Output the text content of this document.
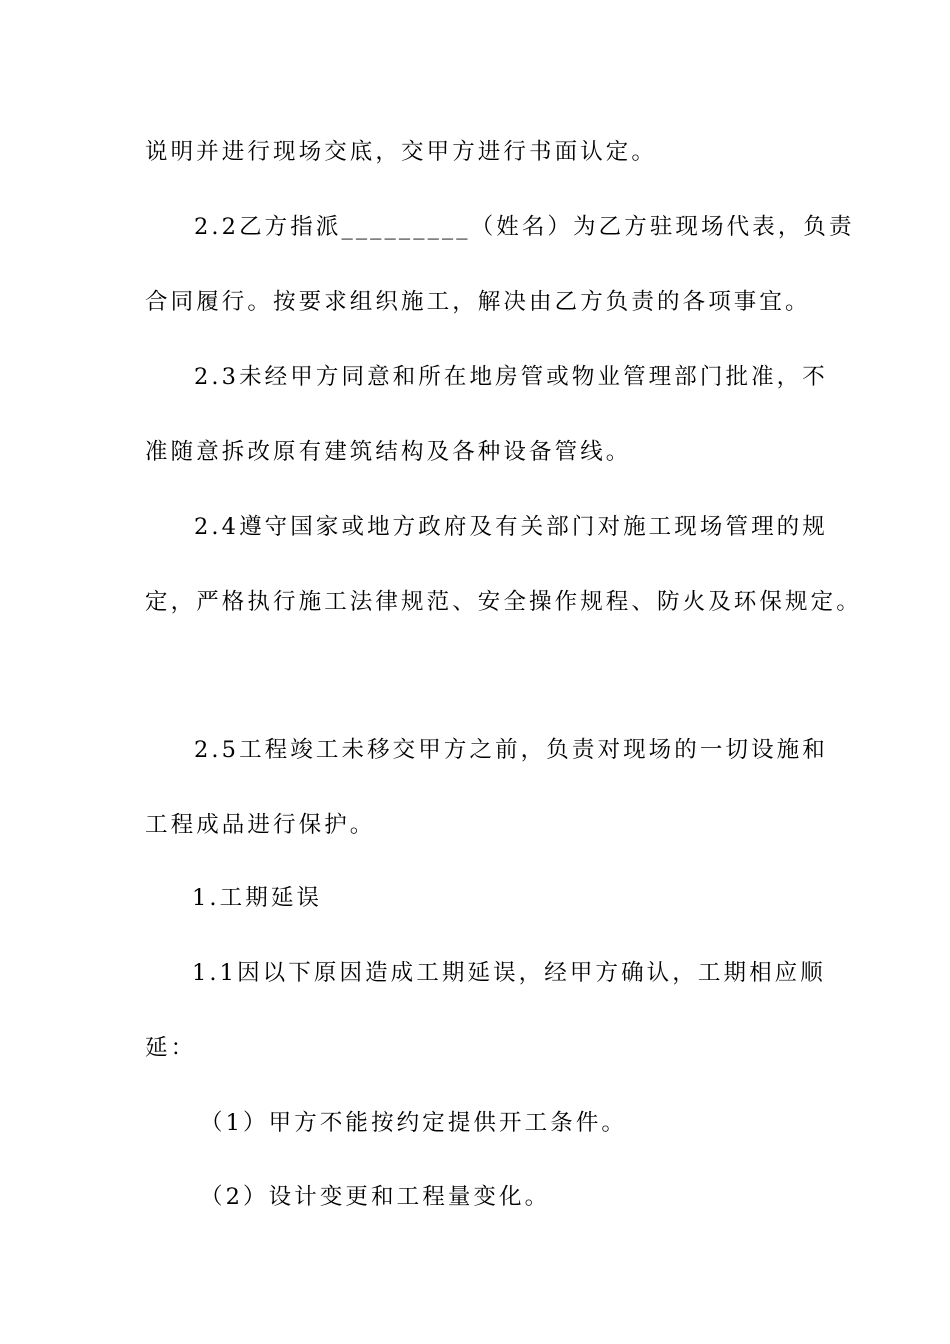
说明并进行现场交底，交甲方进行书面认定。
2.2乙方指派_________（姓名）为乙方驻现场代表，负责
合同履行。按要求组织施工，解决由乙方负责的各项事宜。
2.3未经甲方同意和所在地房管或物业管理部门批准，不
准随意拆改原有建筑结构及各种设备管线。
2.4遵守国家或地方政府及有关部门对施工现场管理的规
定，严格执行施工法律规范、安全操作规程、防火及环保规定。
2.5工程竣工未移交甲方之前，负责对现场的一切设施和
工程成品进行保护。
1.工期延误
1.1因以下原因造成工期延误，经甲方确认，工期相应顺
延：
（1）甲方不能按约定提供开工条件。
（2）设计变更和工程量变化。
